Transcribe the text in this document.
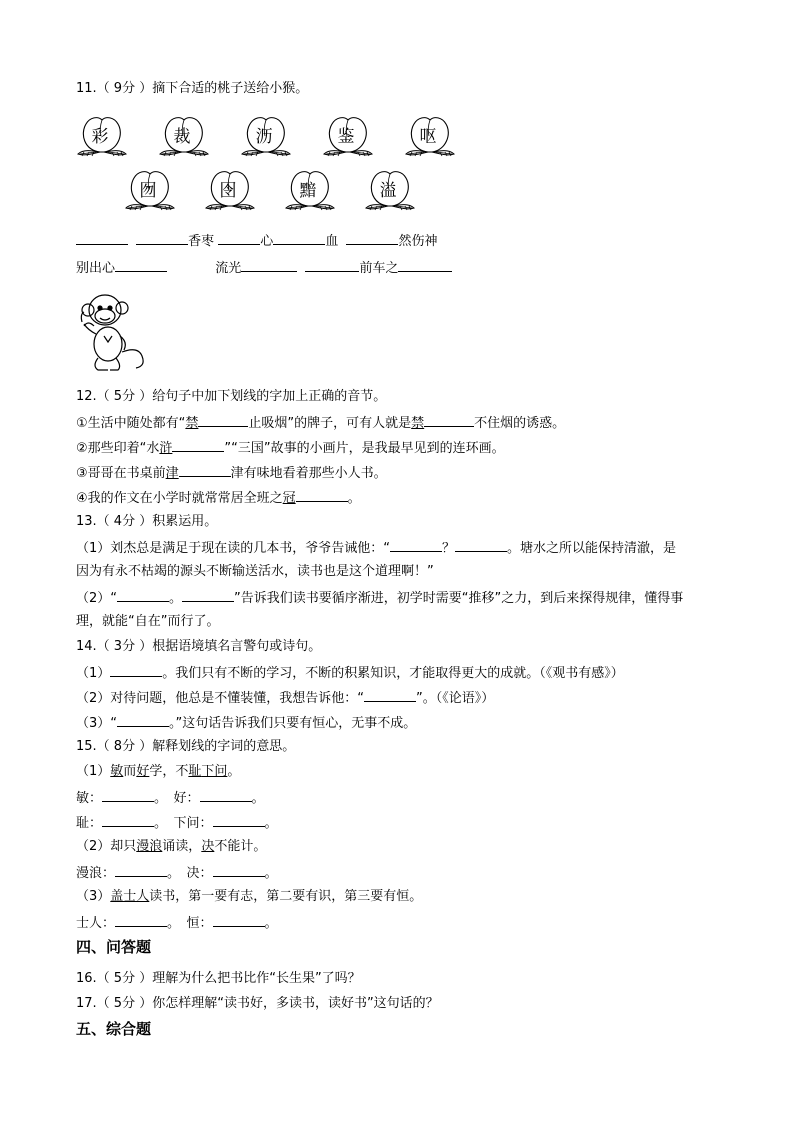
11.（ 9分 ）摘下合适的桃子送给小猴。
彩	裁	沥	鉴	呕
囫	囹	黯	溢
香枣	心	血	然伤神
别出心	流光	前车之
12.（ 5分 ）给句子中加下划线的字加上正确的音节。
①生活中随处都有“禁	止吸烟”的牌子，可有人就是禁	不住烟的诱惑。
②那些印着“水浒	”“三国”故事的小画片，是我最早见到的连环画。
③哥哥在书桌前津	津有味地看着那些小人书。
④我的作文在小学时就常常居全班之冠	。
13.（ 4分 ）积累运用。
（1）刘杰总是满足于现在读的几本书，爷爷告诫他：“	？	。塘水之所以能保持清澈，是
因为有永不枯竭的源头不断输送活水，读书也是这个道理啊！”
（2）“	。	”告诉我们读书要循序渐进，初学时需要“推移”之力，到后来探得规律，懂得事
理，就能“自在”而行了。
14.（ 3分 ）根据语境填名言警句或诗句。
（1）	。我们只有不断的学习，不断的积累知识，才能取得更大的成就。（《观书有感》）
（2）对待问题，他总是不懂装懂，我想告诉他：“	”。（《论语》）
（3）“	。”这句话告诉我们只要有恒心，无事不成。
15.（ 8分 ）解释划线的字词的意思。
（1）敏而好学，不耻下问。
敏：	。　好：	。
耻：	。　下问：	。
（2）却只漫浪诵读，决不能计。
漫浪：	。　决：	。
（3）盖士人读书，第一要有志，第二要有识，第三要有恒。
士人：	。　恒：	。
四、问答题
16.（ 5分 ）理解为什么把书比作“长生果”了吗？
17.（ 5分 ）你怎样理解“读书好，多读书，读好书”这句话的？
五、综合题
